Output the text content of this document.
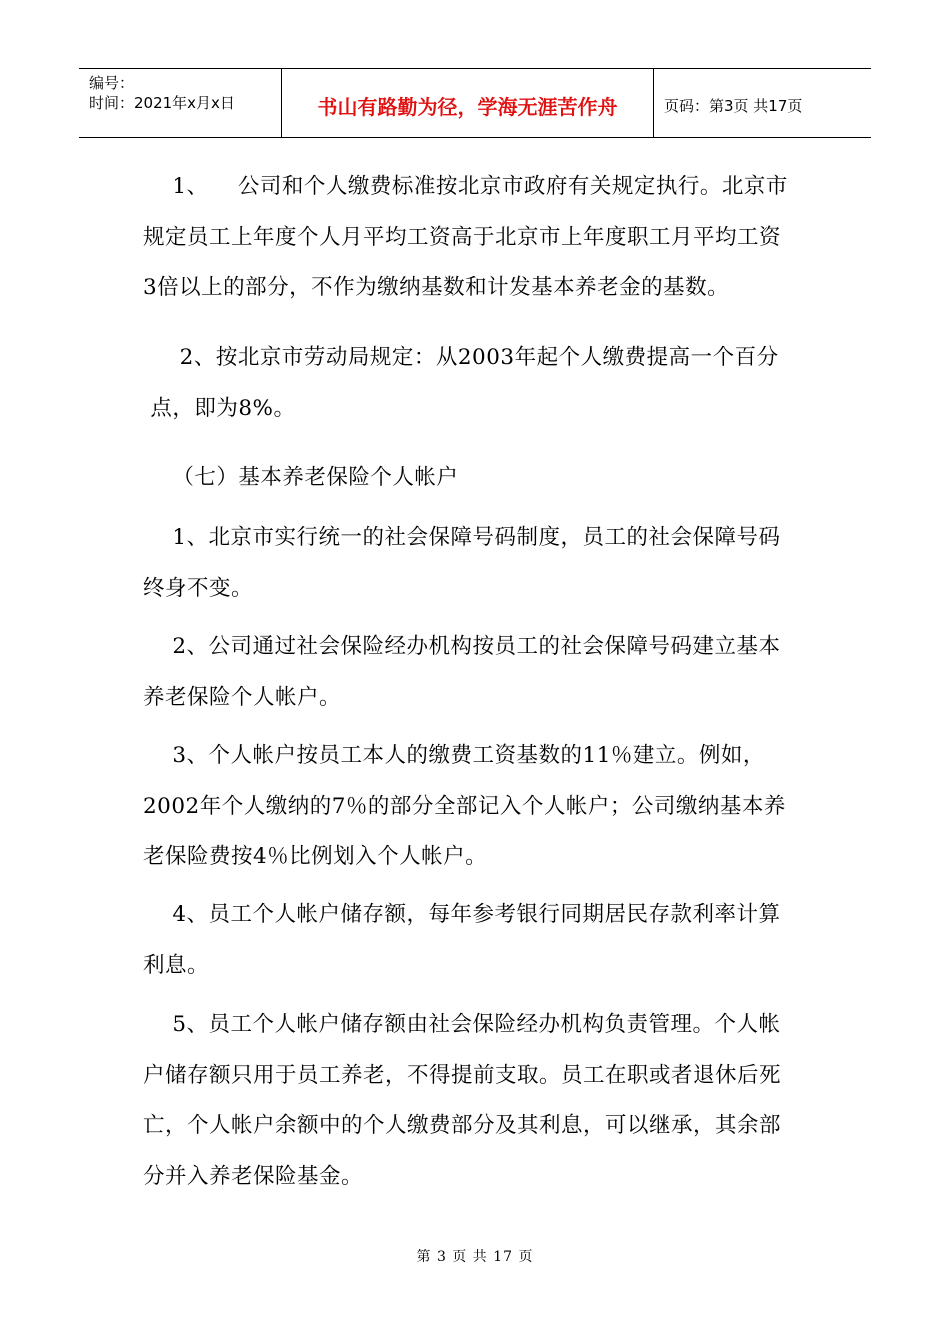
编号：
时间：2021年x月x日	书山有路勤为径，学海无涯苦作舟	页码：第3页 共17页
1、    公司和个人缴费标准按北京市政府有关规定执行。北京市
规定员工上年度个人月平均工资高于北京市上年度职工月平均工资
3倍以上的部分，不作为缴纳基数和计发基本养老金的基数。
2、按北京市劳动局规定：从2003年起个人缴费提高一个百分
点，即为8%。
（七）基本养老保险个人帐户
1、北京市实行统一的社会保障号码制度，员工的社会保障号码
终身不变。
2、公司通过社会保险经办机构按员工的社会保障号码建立基本
养老保险个人帐户。
3、个人帐户按员工本人的缴费工资基数的11％建立。例如，
2002年个人缴纳的7％的部分全部记入个人帐户；公司缴纳基本养
老保险费按4％比例划入个人帐户。
4、员工个人帐户储存额，每年参考银行同期居民存款利率计算
利息。
5、员工个人帐户储存额由社会保险经办机构负责管理。个人帐
户储存额只用于员工养老，不得提前支取。员工在职或者退休后死
亡，个人帐户余额中的个人缴费部分及其利息，可以继承，其余部
分并入养老保险基金。
第 3 页 共 17 页
